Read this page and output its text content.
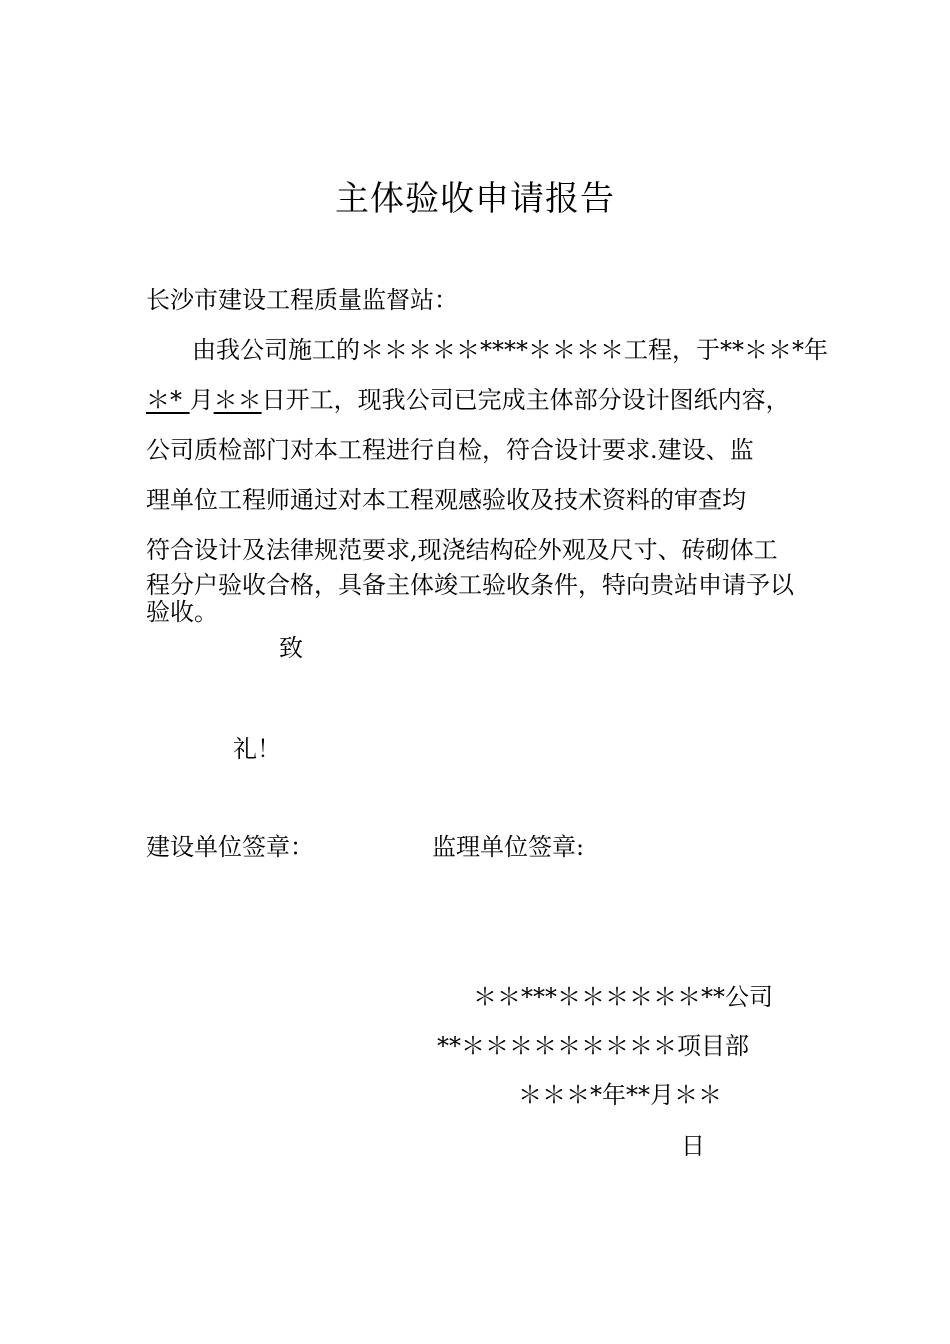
主体验收申请报告
长沙市建设工程质量监督站：
由我公司施工的＊＊＊＊＊****＊＊＊＊工程，于**＊＊*年
＊* 月＊＊日开工，现我公司已完成主体部分设计图纸内容，
公司质检部门对本工程进行自检，符合设计要求.建设、监
理单位工程师通过对本工程观感验收及技术资料的审查均
符合设计及法律规范要求,现浇结构砼外观及尺寸、砖砌体工
程分户验收合格，具备主体竣工验收条件，特向贵站申请予以
验收。
致
礼！
建设单位签章：	监理单位签章:
＊＊***＊＊＊＊＊＊**公司
**＊＊＊＊＊＊＊＊＊项目部
＊＊＊*年**月＊＊
日
